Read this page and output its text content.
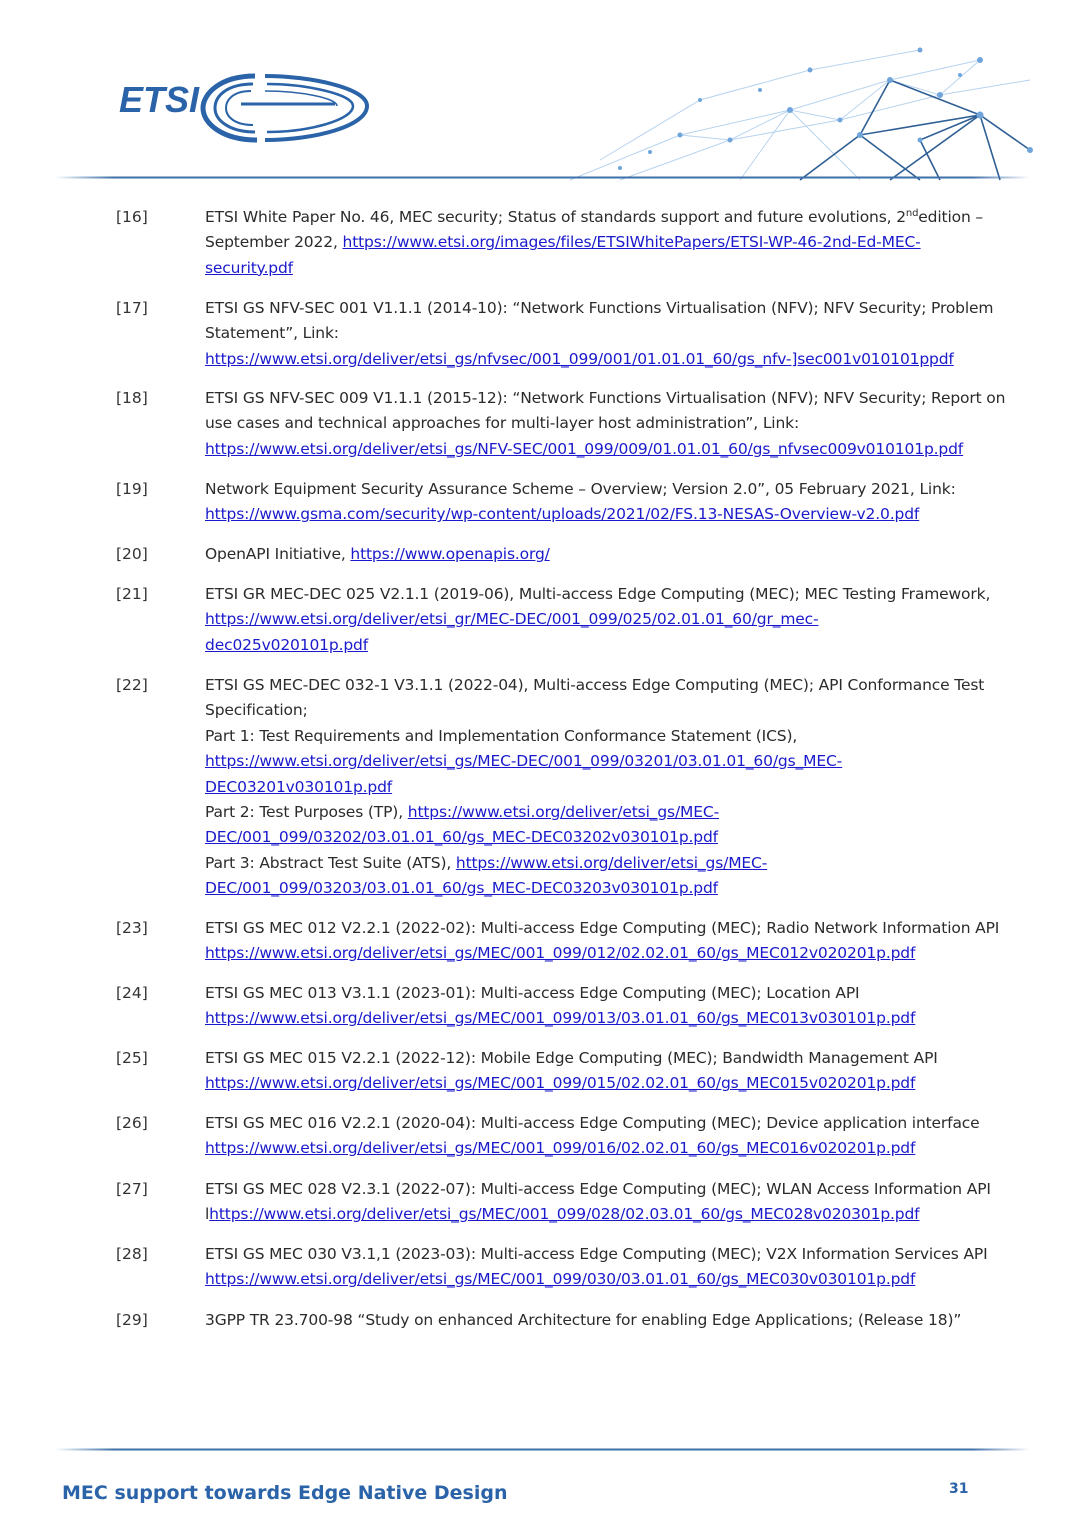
ETSI
[16]	ETSI White Paper No. 46, MEC security; Status of standards support and future evolutions, 2ndedition –
September 2022, https://www.etsi.org/images/files/ETSIWhitePapers/ETSI-WP-46-2nd-Ed-MEC-
security.pdf
[17]	ETSI GS NFV-SEC 001 V1.1.1 (2014-10): “Network Functions Virtualisation (NFV); NFV Security; Problem
Statement”, Link:
https://www.etsi.org/deliver/etsi_gs/nfvsec/001_099/001/01.01.01_60/gs_nfv-]sec001v010101ppdf
[18]	ETSI GS NFV-SEC 009 V1.1.1 (2015-12): “Network Functions Virtualisation (NFV); NFV Security; Report on
use cases and technical approaches for multi-layer host administration”, Link:
https://www.etsi.org/deliver/etsi_gs/NFV-SEC/001_099/009/01.01.01_60/gs_nfvsec009v010101p.pdf
[19]	Network Equipment Security Assurance Scheme – Overview; Version 2.0”, 05 February 2021, Link:
https://www.gsma.com/security/wp-content/uploads/2021/02/FS.13-NESAS-Overview-v2.0.pdf
[20]	OpenAPI Initiative, https://www.openapis.org/
[21]	ETSI GR MEC-DEC 025 V2.1.1 (2019-06), Multi-access Edge Computing (MEC); MEC Testing Framework,
https://www.etsi.org/deliver/etsi_gr/MEC-DEC/001_099/025/02.01.01_60/gr_mec-
dec025v020101p.pdf
[22]	ETSI GS MEC-DEC 032-1 V3.1.1 (2022-04), Multi-access Edge Computing (MEC); API Conformance Test
Specification;
Part 1: Test Requirements and Implementation Conformance Statement (ICS),
https://www.etsi.org/deliver/etsi_gs/MEC-DEC/001_099/03201/03.01.01_60/gs_MEC-
DEC03201v030101p.pdf
Part 2: Test Purposes (TP), https://www.etsi.org/deliver/etsi_gs/MEC-
DEC/001_099/03202/03.01.01_60/gs_MEC-DEC03202v030101p.pdf
Part 3: Abstract Test Suite (ATS), https://www.etsi.org/deliver/etsi_gs/MEC-
DEC/001_099/03203/03.01.01_60/gs_MEC-DEC03203v030101p.pdf
[23]	ETSI GS MEC 012 V2.2.1 (2022-02): Multi-access Edge Computing (MEC); Radio Network Information API
https://www.etsi.org/deliver/etsi_gs/MEC/001_099/012/02.02.01_60/gs_MEC012v020201p.pdf
[24]	ETSI GS MEC 013 V3.1.1 (2023-01): Multi-access Edge Computing (MEC); Location API
https://www.etsi.org/deliver/etsi_gs/MEC/001_099/013/03.01.01_60/gs_MEC013v030101p.pdf
[25]	ETSI GS MEC 015 V2.2.1 (2022-12): Mobile Edge Computing (MEC); Bandwidth Management API
https://www.etsi.org/deliver/etsi_gs/MEC/001_099/015/02.02.01_60/gs_MEC015v020201p.pdf
[26]	ETSI GS MEC 016 V2.2.1 (2020-04): Multi-access Edge Computing (MEC); Device application interface
https://www.etsi.org/deliver/etsi_gs/MEC/001_099/016/02.02.01_60/gs_MEC016v020201p.pdf
[27]	ETSI GS MEC 028 V2.3.1 (2022-07): Multi-access Edge Computing (MEC); WLAN Access Information API
lhttps://www.etsi.org/deliver/etsi_gs/MEC/001_099/028/02.03.01_60/gs_MEC028v020301p.pdf
[28]	ETSI GS MEC 030 V3.1,1 (2023-03): Multi-access Edge Computing (MEC); V2X Information Services API
https://www.etsi.org/deliver/etsi_gs/MEC/001_099/030/03.01.01_60/gs_MEC030v030101p.pdf
[29]	3GPP TR 23.700-98 “Study on enhanced Architecture for enabling Edge Applications; (Release 18)”
MEC support towards Edge Native Design	31
